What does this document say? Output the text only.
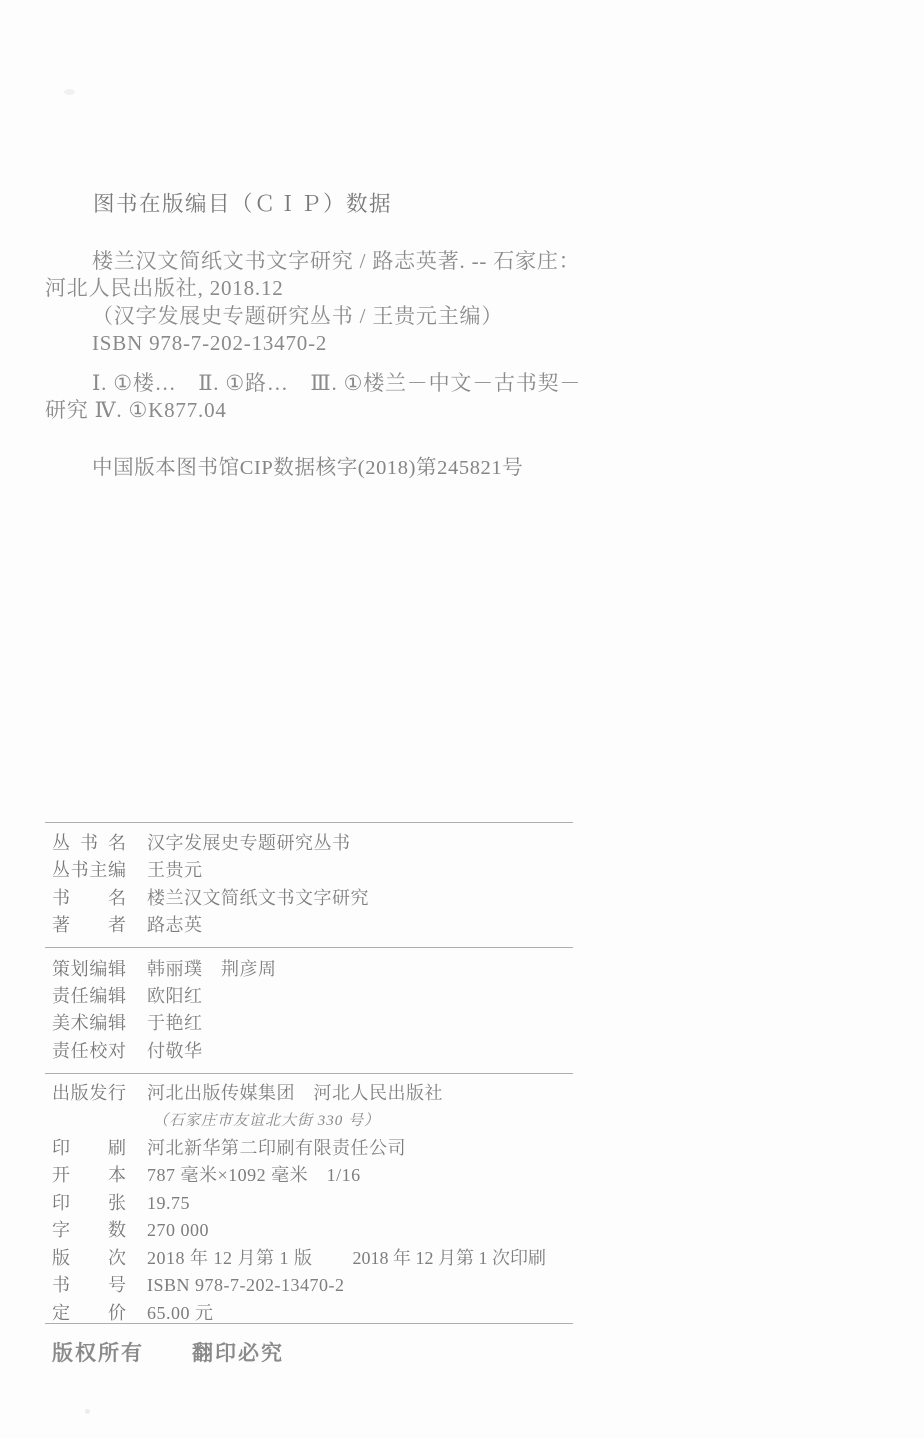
图书在版编目（ＣＩＰ）数据
楼兰汉文简纸文书文字研究 / 路志英著. -- 石家庄：
河北人民出版社, 2018.12
（汉字发展史专题研究丛书 / 王贵元主编）
ISBN 978-7-202-13470-2
Ⅰ. ①楼…　Ⅱ. ①路…　Ⅲ. ①楼兰－中文－古书契－
研究 Ⅳ. ①K877.04
中国版本图书馆CIP数据核字(2018)第245821号
丛书名 汉字发展史专题研究丛书
丛书主编 王贵元
书名 楼兰汉文简纸文书文字研究
著者 路志英
策划编辑 韩丽璞　荆彦周
责任编辑 欧阳红
美术编辑 于艳红
责任校对 付敬华
出版发行 河北出版传媒集团　河北人民出版社
（石家庄市友谊北大街 330 号）
印刷 河北新华第二印刷有限责任公司
开本 787 毫米×1092 毫米　1/16
印张 19.75
字数 270 000
版次 2018 年 12 月第 1 版 2018 年 12 月第 1 次印刷
书号 ISBN 978-7-202-13470-2
定价 65.00 元
版权所有 翻印必究
